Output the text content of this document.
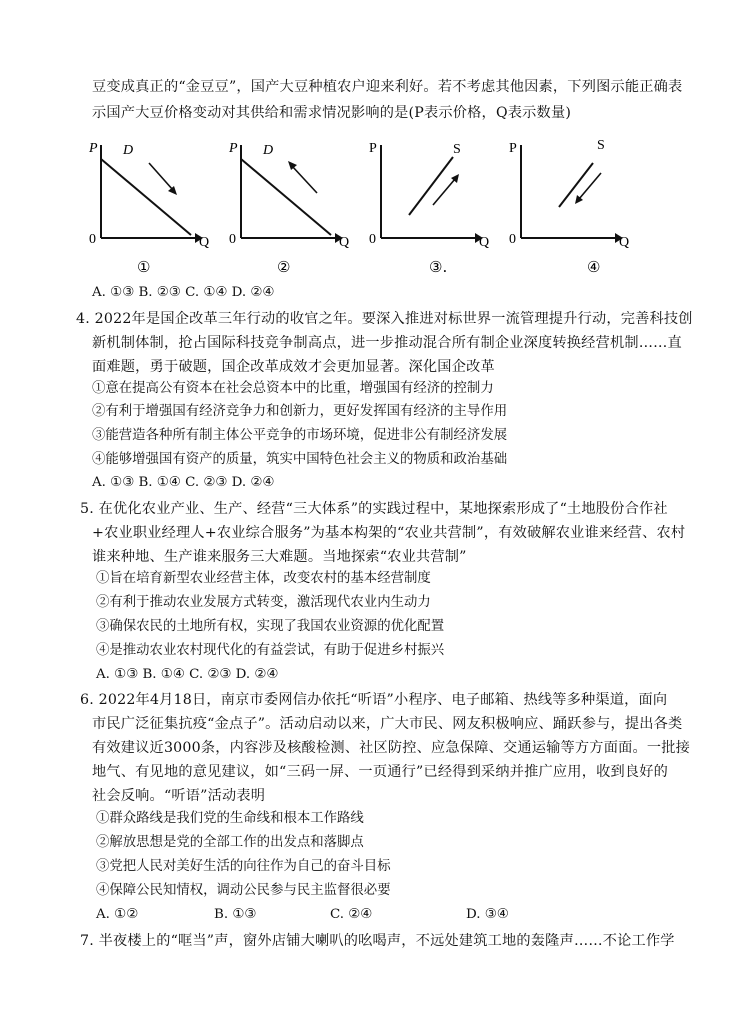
豆变成真正的“金豆豆”，国产大豆种植农户迎来利好。若不考虑其他因素，下列图示能正确表
示国产大豆价格变动对其供给和需求情况影响的是(P表示价格，Q表示数量)
P D
0	Q
①
P D
0	Q
②
P	S
0	Q
③.
P	S
0	Q
④
A. ①③ B. ②③ C. ①④ D. ②④
4. 2022年是国企改革三年行动的收官之年。要深入推进对标世界一流管理提升行动，完善科技创
新机制体制，抢占国际科技竞争制高点，进一步推动混合所有制企业深度转换经营机制……直
面难题，勇于破题，国企改革成效才会更加显著。深化国企改革
①意在提高公有资本在社会总资本中的比重，增强国有经济的控制力
②有利于增强国有经济竞争力和创新力，更好发挥国有经济的主导作用
③能营造各种所有制主体公平竞争的市场环境，促进非公有制经济发展
④能够增强国有资产的质量，筑实中国特色社会主义的物质和政治基础
A. ①③ B. ①④ C. ②③ D. ②④
5. 在优化农业产业、生产、经营“三大体系”的实践过程中，某地探索形成了“土地股份合作社
+农业职业经理人+农业综合服务”为基本构架的“农业共营制”，有效破解农业谁来经营、农村
谁来种地、生产谁来服务三大难题。当地探索“农业共营制”
①旨在培育新型农业经营主体，改变农村的基本经营制度
②有利于推动农业发展方式转变，激活现代农业内生动力
③确保农民的土地所有权，实现了我国农业资源的优化配置
④是推动农业农村现代化的有益尝试，有助于促进乡村振兴
A. ①③ B. ①④ C. ②③ D. ②④
6. 2022年4月18日，南京市委网信办依托“听语”小程序、电子邮箱、热线等多种渠道，面向
市民广泛征集抗疫“金点子”。活动启动以来，广大市民、网友积极响应、踊跃参与，提出各类
有效建议近3000条，内容涉及核酸检测、社区防控、应急保障、交通运输等方方面面。一批接
地气、有见地的意见建议，如“三码一屏、一页通行”已经得到采纳并推广应用，收到良好的
社会反响。“听语”活动表明
①群众路线是我们党的生命线和根本工作路线
②解放思想是党的全部工作的出发点和落脚点
③党把人民对美好生活的向往作为自己的奋斗目标
④保障公民知情权，调动公民参与民主监督很必要
A. ①②	B. ①③	C. ②④	D. ③④
7. 半夜楼上的“哐当”声，窗外店铺大喇叭的吆喝声，不远处建筑工地的轰隆声……不论工作学
